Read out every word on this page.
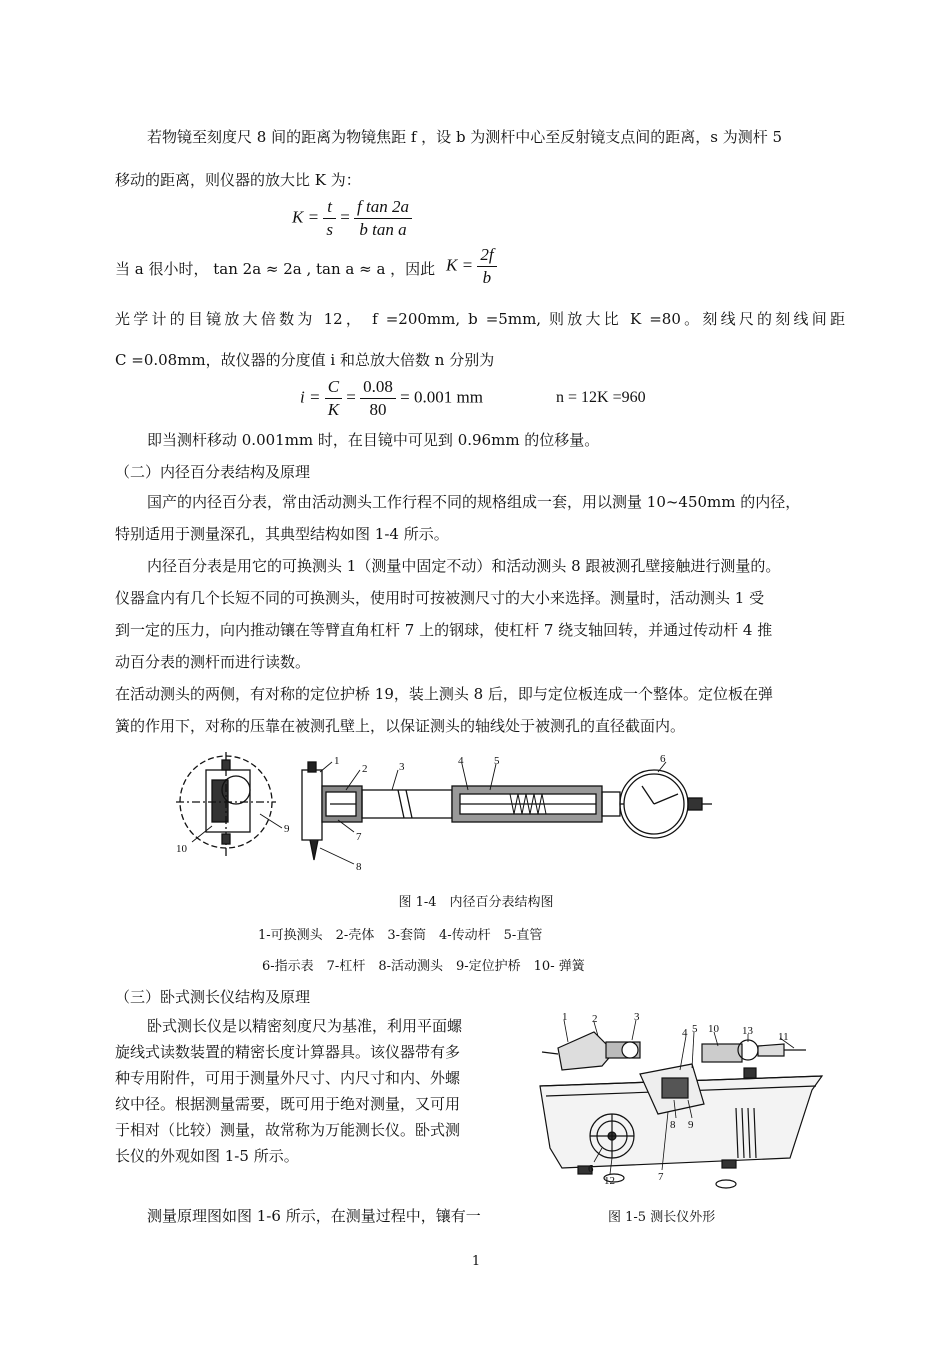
若物镜至刻度尺 8 间的距离为物镜焦距 f ，设 b 为测杆中心至反射镜支点间的距离，s 为测杆 5
移动的距离，则仪器的放大比 K 为：
$K = \frac{t}{s} = \frac{\text{f tan 2a}}{\text{b tan a}}$
当 a 很小时， tan 2a ≈ 2a , tan a ≈ a ，因此 $K = \frac{2f}{b}$
光学计的目镜放大倍数为 12， f =200mm, b =5mm, 则放大比 K =80。刻线尺的刻线间距
C =0.08mm，故仪器的分度值 i 和总放大倍数 n 分别为
$i = \frac{C}{K} = \frac{0.08}{80} = 0.001$ mm	n = 12K =960
即当测杆移动 0.001mm 时，在目镜中可见到 0.96mm 的位移量。
（二）内径百分表结构及原理
国产的内径百分表，常由活动测头工作行程不同的规格组成一套，用以测量 10~450mm 的内径，
特别适用于测量深孔，其典型结构如图 1-4 所示。
内径百分表是用它的可换测头 1（测量中固定不动）和活动测头 8 跟被测孔壁接触进行测量的。
仪器盒内有几个长短不同的可换测头，使用时可按被测尺寸的大小来选择。测量时，活动测头 1 受
到一定的压力，向内推动镶在等臂直角杠杆 7 上的钢球，使杠杆 7 绕支轴回转，并通过传动杆 4 推
动百分表的测杆而进行读数。
在活动测头的两侧，有对称的定位护桥 19，装上测头 8 后，即与定位板连成一个整体。定位板在弹
簧的作用下，对称的压靠在被测孔壁上，以保证测头的轴线处于被测孔的直径截面内。
1
2	3	4	5	6
7
8
9
10
图 1-4　内径百分表结构图
1-可换测头　2-壳体　3-套筒　4-传动杆　5-直管
6-指示表　7-杠杆　8-活动测头　9-定位护桥　10- 弹簧
（三）卧式测长仪结构及原理

卧式测长仪是以精密刻度尺为基准，利用平面螺

旋线式读数装置的精密长度计算器具。该仪器带有多

种专用附件，可用于测量外尺寸、内尺寸和内、外螺

纹中径。根据测量需要，既可用于绝对测量，又可用

于相对（比较）测量，故常称为万能测长仪。卧式测

长仪的外观如图 1-5 所示。

测量原理图如图 1-6 所示，在测量过程中，镶有一
1 2	3
4 5 10 13 11
8 9
6
12	7
图 1-5 测长仪外形
1
